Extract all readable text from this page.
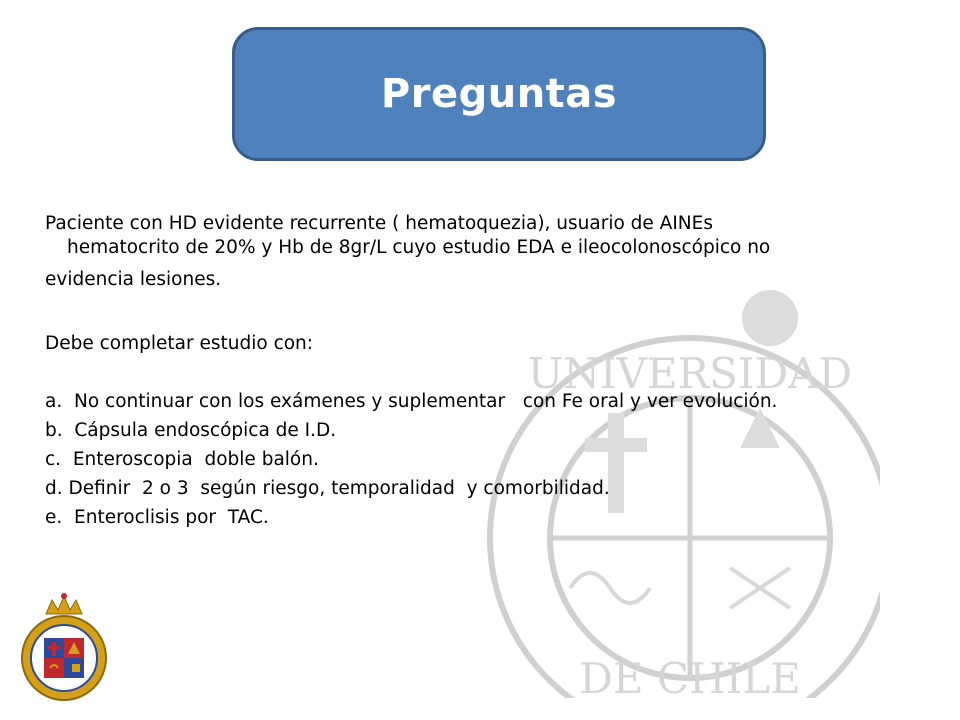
UNIVERSIDAD
DE CHILE
Preguntas

Paciente con HD evidente recurrente ( hematoquezia), usuario de AINEs
hematocrito de 20% y Hb de 8gr/L cuyo estudio EDA e ileocolonoscópico no
evidencia lesiones.

Debe completar estudio con:

a.  No continuar con los exámenes y suplementar   con Fe oral y ver evolución.

b.  Cápsula endoscópica de I.D.

c.  Enteroscopia  doble balón.

d. Definir  2 o 3  según riesgo, temporalidad  y comorbilidad.

e.  Enteroclisis por  TAC.
